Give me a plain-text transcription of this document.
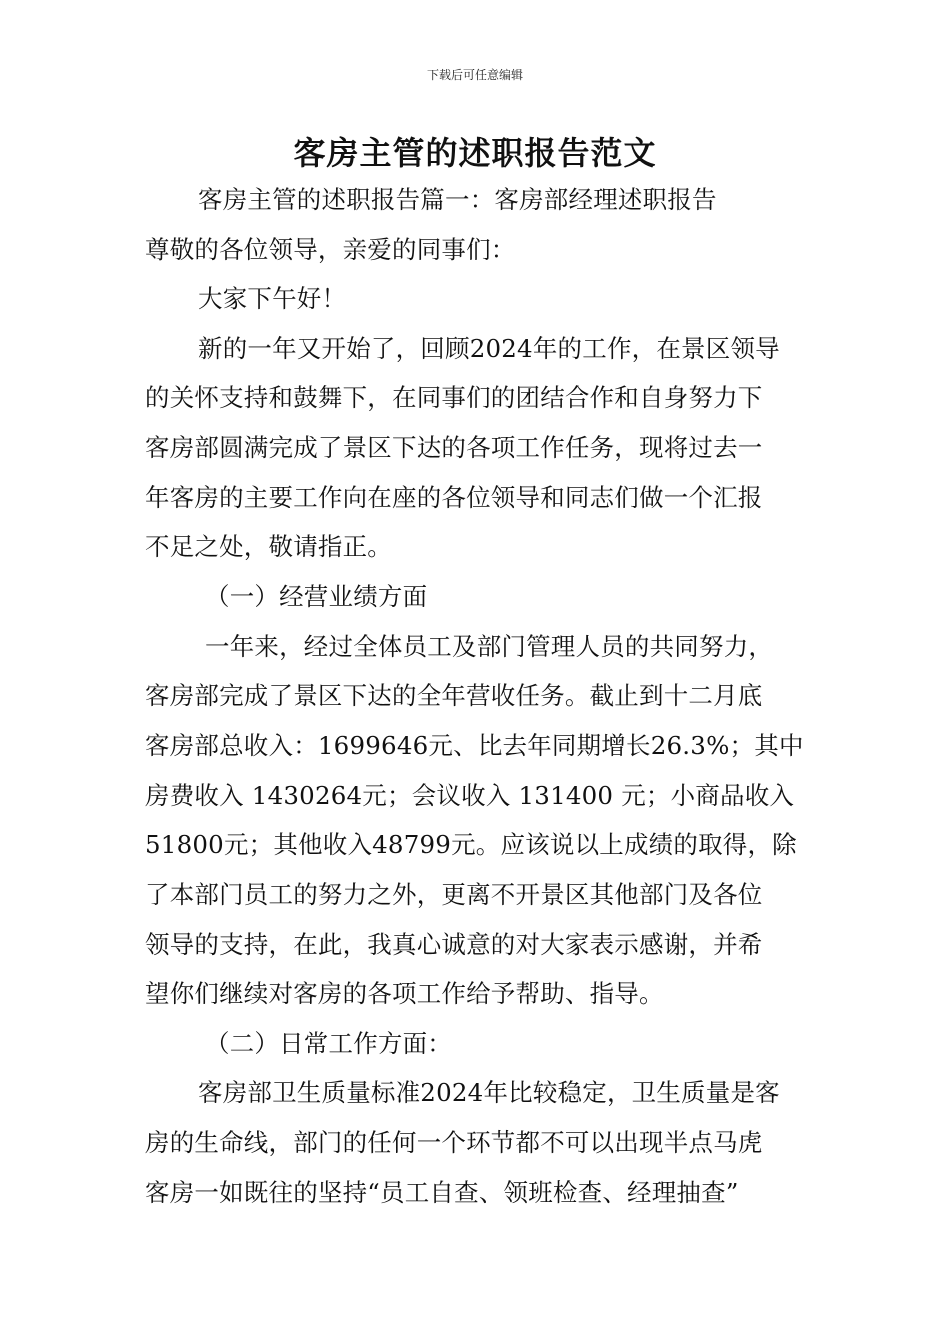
下载后可任意编辑
客房主管的述职报告范文
客房主管的述职报告篇一：客房部经理述职报告
尊敬的各位领导，亲爱的同事们：
大家下午好！
新的一年又开始了，回顾2024年的工作，在景区领导
的关怀支持和鼓舞下，在同事们的团结合作和自身努力下
客房部圆满完成了景区下达的各项工作任务，现将过去一
年客房的主要工作向在座的各位领导和同志们做一个汇报
不足之处，敬请指正。
（一）经营业绩方面
一年来，经过全体员工及部门管理人员的共同努力，
客房部完成了景区下达的全年营收任务。截止到十二月底
客房部总收入：1699646元、比去年同期增长26.3%；其中
房费收入 1430264元；会议收入 131400 元；小商品收入
51800元；其他收入48799元。应该说以上成绩的取得，除
了本部门员工的努力之外，更离不开景区其他部门及各位
领导的支持，在此，我真心诚意的对大家表示感谢，并希
望你们继续对客房的各项工作给予帮助、指导。
（二）日常工作方面：
客房部卫生质量标准2024年比较稳定，卫生质量是客
房的生命线，部门的任何一个环节都不可以出现半点马虎
客房一如既往的坚持“员工自查、领班检查、经理抽查”
